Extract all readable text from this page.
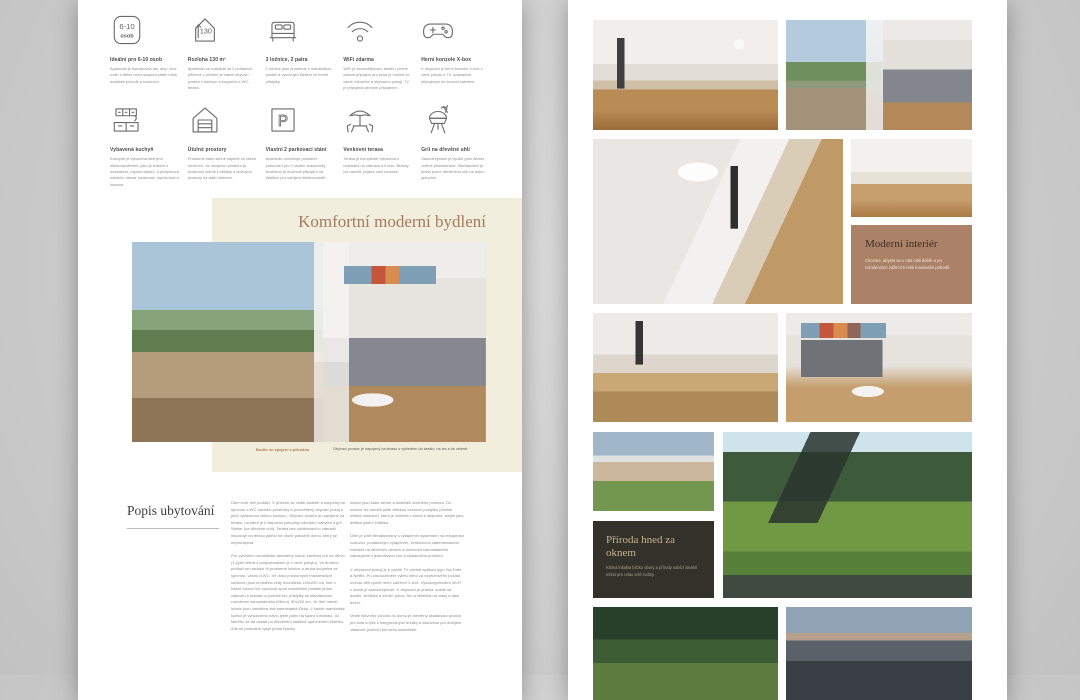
6-10
osob
Ideální pro 6-10 osob

Apartmán je koncipován tak, aby i více rodin s dětmi nebo skupina přátel měla dostatek pohodlí a soukromí.

130
Rozloha 130 m²

Apartmán se rozkládá na 2 podlažích, přičemž v přízemí je hlavní obývací prostor s kuchyní a koupelna s WC, terasa.

3 ložnice, 2 patra

2 ložnice jsou prostorné s manželskou postelí a výsuvným lůžkem ve formě přistýlky.

WiFi zdarma

WiFi je samozřejmostí, taktéž i pevné datové připojení pro práci je možné ve všech ložnicích a obývacím pokoji. TV je připojena pevným připojením.

Herní konzole X-box

K dispozici je herní konzole X-box v ceně pobytu s TV ovladačem připojeným ke konzoli kabelem.

Vybavená kuchyň

Kuchyně je vybavena běžnými elektrospotřebiči, jako je lednice s mrazákem, myčka nádobí, 4-plotýnková indukční deska, toustovač, topinkovač a konvice.

Útulné prostory

Prostorné šatní skříně najdete ve všech ložnicích. Ve vstupním prostoru je prostorný botník s věšáky a úložnými prostory na další oblečení.

P
Vlastní 2 parkovací stání

Apartmán umožňuje pohodlné parkování pro 2 osobní automobily. Novinkou je možnost připojení na Wallbox pro nabíjení elektromobilů.

Venkovní terasa

Terasa je kompletně vybavena s brankami na zahradu a k lesu. Branky lze uzavřít, pejsek vám neuteče.

Gril na dřevěné uhlí

Samozřejmostí je využití grilu Weber, včetně příslušenství. Standardem je jedna porce dřevěného uhlí na jedno grilování.

Komfortní moderní bydlení
Buďte ve spojení s přírodou	Obývací prostor je napojený na terasu s výhledem do areálu, na les a do zeleně.
Popis ubytování

Dům tvoří dvě podlaží. V přízemí se vedle zádveří a koupelny se sprchou a WC nachází prostorný a prosvětlený obývací pokoj s plně vybavenou velkou kuchyní. Obývací prostor je napojený na terasu, na které je k dispozici pohodlný zahradní nábytek a gril Weber (na dřevěné uhlí). Terasa bez oddělovacího zábradlí navazuje na terasu patřící ke druhé polovině domu, který se nepronajímá.

Pro vytvoření romantické atmosféry slouží závěsný krb na dřevo (1 pytel dřeva s podpalovačem je v ceně pobytu). Ve druhém podlaží se nachází tři prostorné ložnice a druhá koupelna se sprchou, vanou a WC. Ve dvou prostorných manželských ložnicích jsou umístěna vždy dvoulůžka 140x200 cm, kde v každé ložnici lze vysunout zpod manželské postele jednu zásuvku s matrací a podobě tzv. přistýlky se standardním rozměrem samostatného lůžka tj. 90x200 cm. Ve třetí menší ložnici jsou umístěna dvě samostatná lůžka. V každé manželské ložnici je vyhotoveno navíc ještě patro na spaní s matrací, do kterého se dá dostat po dřevěném stabilně upevněném žebříku. Zde se pohodlně vyspí jedna fyzicky

ložnici jsou šatní skříně a dostatek úložného prostoru. Do ložnice lze umístit ještě dětskou cestovní postýlku (včetně měkké matrace), která je zdarma v domě k dispozici, stejně jako dětská jídelní židlička.

Dům je plně klimatizovaný s vytápěním systémem na rekuperaci vzduchu, podlahovým vytápěním, venkovními zatemňovacími roletami na střešních oknech a možností samostatného zabezpečení jednotlivých zón a skladového prostoru.

V obývacím pokoji je k využití TV včetně aplikací typu YouTube a Netflix. Po zaslouženém výletu nebo za nepříznivého počasí mohou děti využít herní zařízení X-box. Vysokorychlostní Wi-Fi v domě je samozřejmostí. K dispozici je pračka, sušák na prádlo, žehlička a žehlicí prkno, fén a žehlička na vlasy a také trezor.

Vedle hlavního vchodu do domu je otevřený skladovací prostor pro kola a lyže s integrovanými držáky a zásuvkou pro dobíjení vlastních jízdních kol nebo koloběžek.

Moderní interiér

Chceme, abyste se u nás cítili dobře a po celodenních zážitcích měli maximální pohodlí.

Příroda hned za oknem

Klidná lokalita blízko obory a přírody nabízí ideální místo pro relax celé rodiny.
